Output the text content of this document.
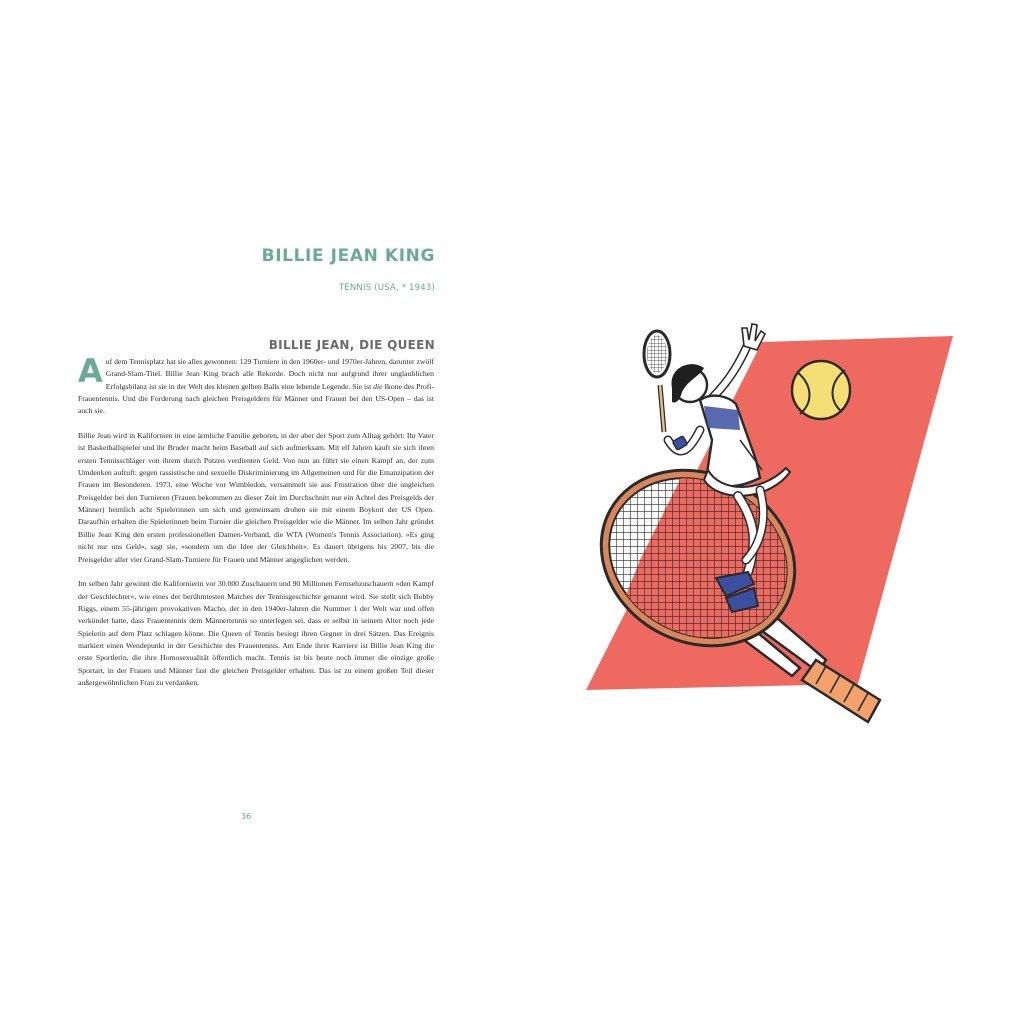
BILLIE JEAN KING
TENNIS (USA, * 1943)
BILLIE JEAN, DIE QUEEN

Auf dem Tennisplatz hat sie alles gewonnen: 129 Turniere in den 1960er- und 1970er-Jahren, darunter zwölf Grand-Slam-Titel. Billie Jean King brach alle Rekorde. Doch nicht nur aufgrund ihrer unglaublichen Erfolgsbilanz ist sie in der Welt des kleinen gelben Balls eine lebende Legende. Sie ist die Ikone des Profi-Frauentennis. Und die Forderung nach gleichen Preisgeldern für Männer und Frauen bei den US-Open – das ist auch sie.

Billie Jean wird in Kalifornien in eine ärmliche Familie geboren, in der aber der Sport zum Alltag gehört: Ihr Vater ist Basketballspieler und ihr Bruder macht beim Baseball auf sich aufmerksam. Mit elf Jahren kauft sie sich ihren ersten Tennisschläger von ihrem durch Putzen verdienten Geld. Von nun an führt sie einen Kampf an, der zum Umdenken aufruft: gegen rassistische und sexuelle Diskriminierung im Allgemeinen und für die Emanzipation der Frauen im Besonderen. 1973, eine Woche vor Wimbledon, versammelt sie aus Frustration über die ungleichen Preisgelder bei den Turnieren (Frauen bekommen zu dieser Zeit im Durchschnitt nur ein Achtel des Preisgelds der Männer) heimlich acht Spielerinnen um sich und gemeinsam drohen sie mit einem Boykott der US Open. Daraufhin erhalten die Spielerinnen beim Turnier die gleichen Preisgelder wie die Männer. Im selben Jahr gründet Billie Jean King den ersten professionellen Damen-Verband, die WTA (Women's Tennis Association). »Es ging nicht nur uns Geld«, sagt sie, »sondern um die Idee der Gleichheit«. Es dauert übrigens bis 2007, bis die Preisgelder aller vier Grand-Slam-Turniere für Frauen und Männer angeglichen werden.

Im selben Jahr gewinnt die Kalifornierin vor 30.000 Zuschauern und 90 Millionen Fernsehzuschauern »den Kampf der Geschlechter«, wie eines der berühmtesten Matches der Tennisgeschichte genannt wird. Sie stellt sich Bobby Riggs, einem 55-jährigen provokativen Macho, der in den 1940er-Jahren die Nummer 1 der Welt war und offen verkündet hatte, dass Frauentennis dem Männertennis so unterlegen sei, dass er selbst in seinem Alter noch jede Spielerin auf dem Platz schlagen könne. Die Queen of Tennis besiegt ihren Gegner in drei Sätzen. Das Ereignis markiert einen Wendepunkt in der Geschichte des Frauentennis. Am Ende ihrer Karriere ist Billie Jean King die erste Sportlerin, die ihre Homosexualität öffentlich macht. Tennis ist bis heute noch immer die einzige große Sportart, in der Frauen und Männer fast die gleichen Preisgelder erhalten. Das ist zu einem großen Teil dieser außergewöhnlichen Frau zu verdanken.

36
